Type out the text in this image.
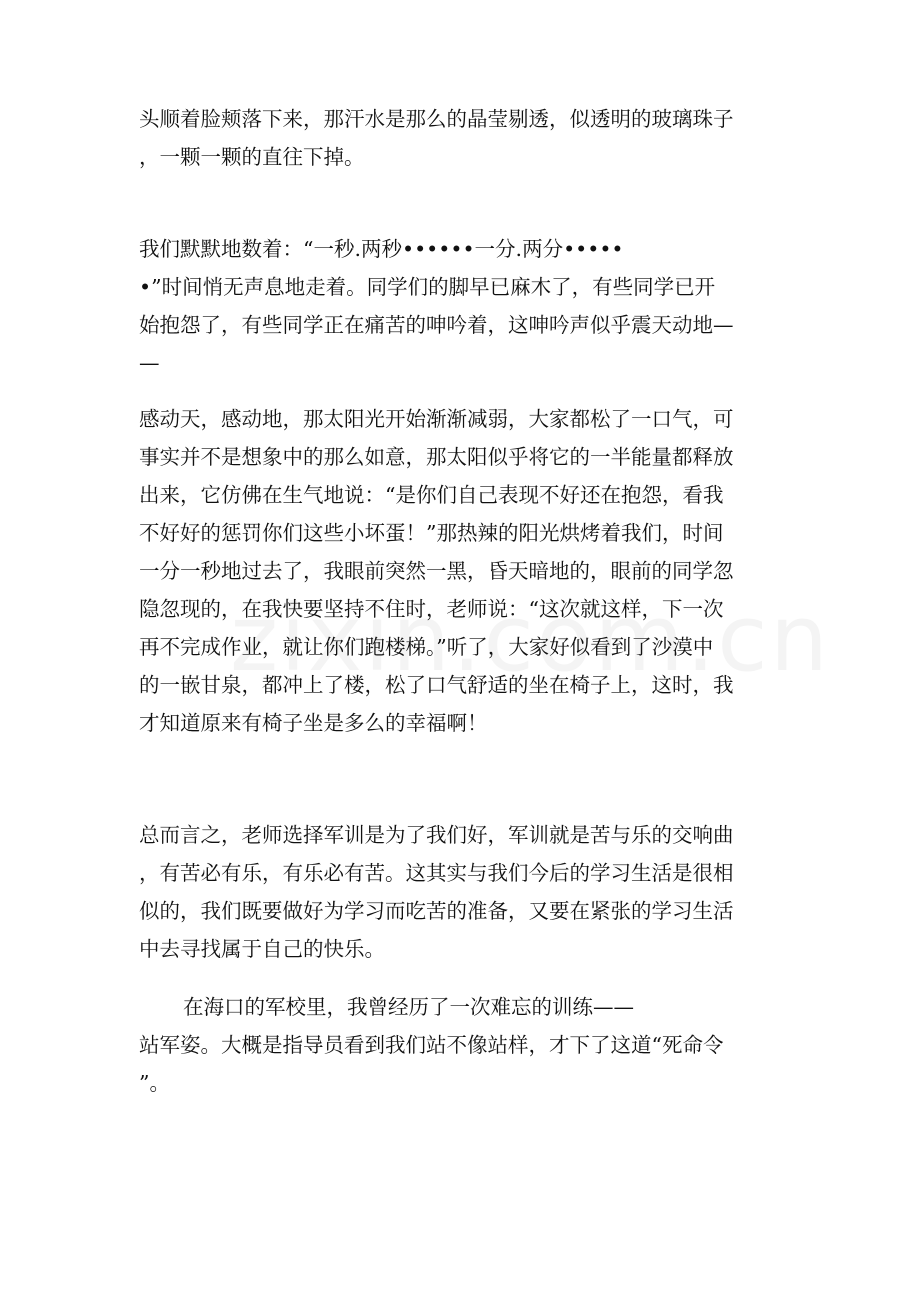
头顺着脸颊落下来，那汗水是那么的晶莹剔透，似透明的玻璃珠子
，一颗一颗的直往下掉。
我们默默地数着：“一秒.两秒••••••一分.两分•••••
•”时间悄无声息地走着。同学们的脚早已麻木了，有些同学已开
始抱怨了，有些同学正在痛苦的呻吟着，这呻吟声似乎震天动地—
—
感动天，感动地，那太阳光开始渐渐减弱，大家都松了一口气，可
事实并不是想象中的那么如意，那太阳似乎将它的一半能量都释放
出来，它仿佛在生气地说：“是你们自己表现不好还在抱怨，看我
不好好的惩罚你们这些小坏蛋！”那热辣的阳光烘烤着我们，时间
一分一秒地过去了，我眼前突然一黑，昏天暗地的，眼前的同学忽
隐忽现的，在我快要坚持不住时，老师说：“这次就这样，下一次
再不完成作业，就让你们跑楼梯。”听了，大家好似看到了沙漠中
的一嵌甘泉，都冲上了楼，松了口气舒适的坐在椅子上，这时，我
才知道原来有椅子坐是多么的幸福啊！
总而言之，老师选择军训是为了我们好，军训就是苦与乐的交响曲
，有苦必有乐，有乐必有苦。这其实与我们今后的学习生活是很相
似的，我们既要做好为学习而吃苦的准备，又要在紧张的学习生活
中去寻找属于自己的快乐。
在海口的军校里，我曾经历了一次难忘的训练——
站军姿。大概是指导员看到我们站不像站样，才下了这道“死命令
”。
